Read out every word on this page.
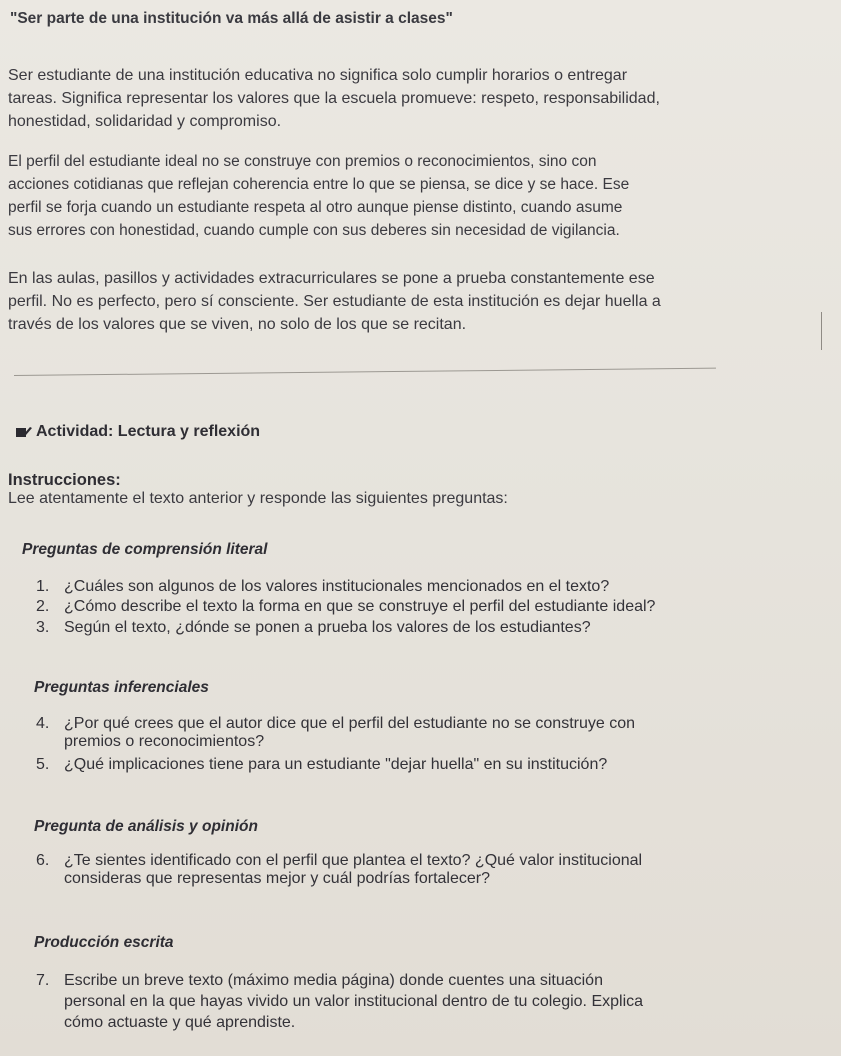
"Ser parte de una institución va más allá de asistir a clases"
Ser estudiante de una institución educativa no significa solo cumplir horarios o entregar
tareas. Significa representar los valores que la escuela promueve: respeto, responsabilidad,
honestidad, solidaridad y compromiso.
El perfil del estudiante ideal no se construye con premios o reconocimientos, sino con
acciones cotidianas que reflejan coherencia entre lo que se piensa, se dice y se hace. Ese
perfil se forja cuando un estudiante respeta al otro aunque piense distinto, cuando asume
sus errores con honestidad, cuando cumple con sus deberes sin necesidad de vigilancia.
En las aulas, pasillos y actividades extracurriculares se pone a prueba constantemente ese
perfil. No es perfecto, pero sí consciente. Ser estudiante de esta institución es dejar huella a
través de los valores que se viven, no solo de los que se recitan.
Actividad: Lectura y reflexión
Instrucciones:
Lee atentamente el texto anterior y responde las siguientes preguntas:
Preguntas de comprensión literal
1. ¿Cuáles son algunos de los valores institucionales mencionados en el texto?
2. ¿Cómo describe el texto la forma en que se construye el perfil del estudiante ideal?
3. Según el texto, ¿dónde se ponen a prueba los valores de los estudiantes?
Preguntas inferenciales
4. ¿Por qué crees que el autor dice que el perfil del estudiante no se construye con
premios o reconocimientos?
5. ¿Qué implicaciones tiene para un estudiante "dejar huella" en su institución?
Pregunta de análisis y opinión
6. ¿Te sientes identificado con el perfil que plantea el texto? ¿Qué valor institucional
consideras que representas mejor y cuál podrías fortalecer?
Producción escrita
7. Escribe un breve texto (máximo media página) donde cuentes una situación
personal en la que hayas vivido un valor institucional dentro de tu colegio. Explica
cómo actuaste y qué aprendiste.
